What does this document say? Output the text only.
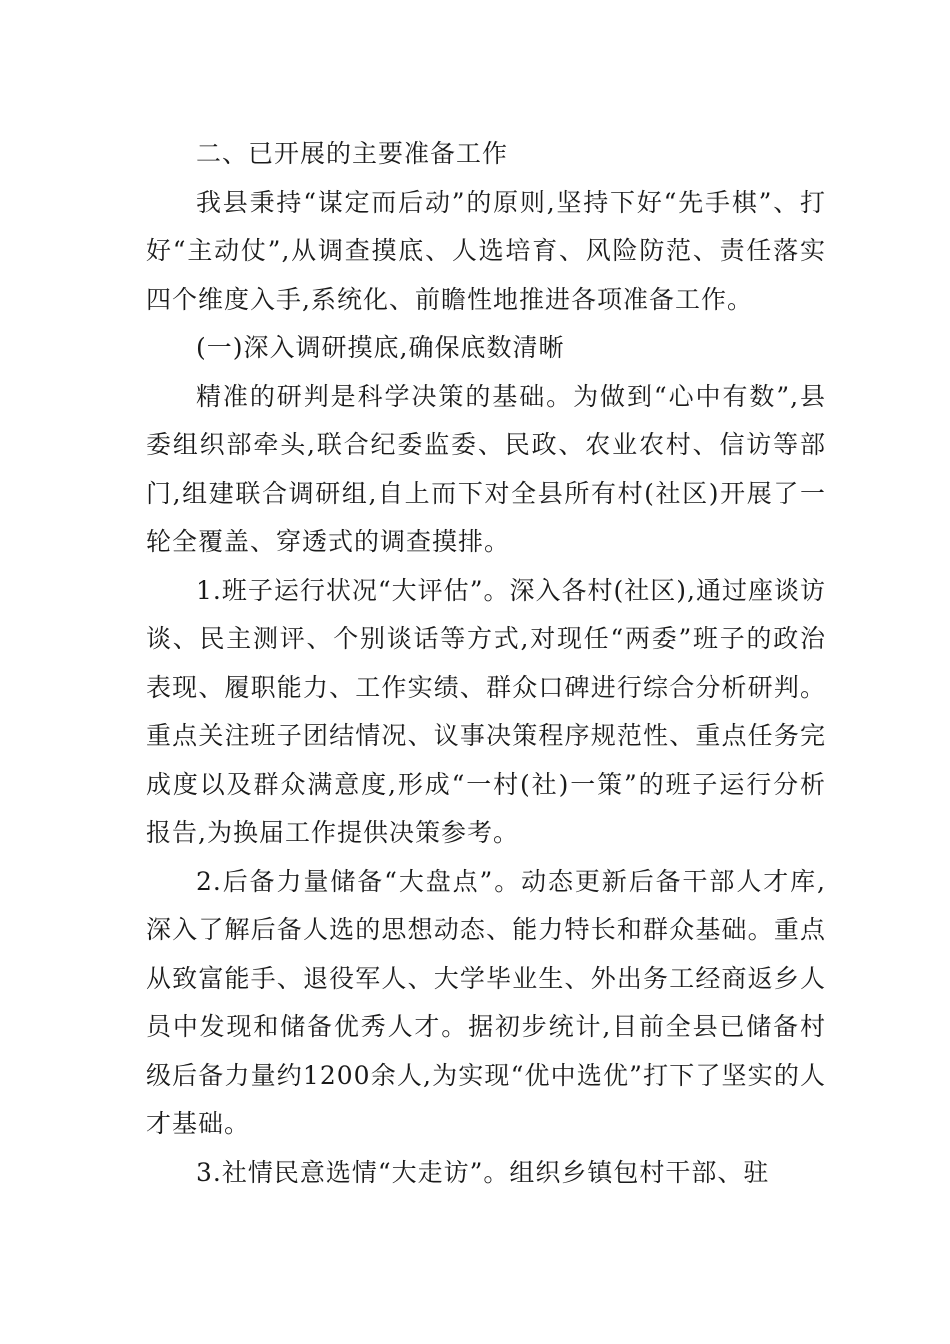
二、已开展的主要准备工作

我县秉持“谋定而后动”的原则,坚持下好“先手棋”、打好“主动仗”,从调查摸底、人选培育、风险防范、责任落实四个维度入手,系统化、前瞻性地推进各项准备工作。

(一)深入调研摸底,确保底数清晰

精准的研判是科学决策的基础。为做到“心中有数”,县委组织部牵头,联合纪委监委、民政、农业农村、信访等部门,组建联合调研组,自上而下对全县所有村(社区)开展了一轮全覆盖、穿透式的调查摸排。

1.班子运行状况“大评估”。深入各村(社区),通过座谈访谈、民主测评、个别谈话等方式,对现任“两委”班子的政治表现、履职能力、工作实绩、群众口碑进行综合分析研判。重点关注班子团结情况、议事决策程序规范性、重点任务完成度以及群众满意度,形成“一村(社)一策”的班子运行分析报告,为换届工作提供决策参考。

2.后备力量储备“大盘点”。动态更新后备干部人才库,深入了解后备人选的思想动态、能力特长和群众基础。重点从致富能手、退役军人、大学毕业生、外出务工经商返乡人员中发现和储备优秀人才。据初步统计,目前全县已储备村级后备力量约1200余人,为实现“优中选优”打下了坚实的人才基础。

3.社情民意选情“大走访”。组织乡镇包村干部、驻
